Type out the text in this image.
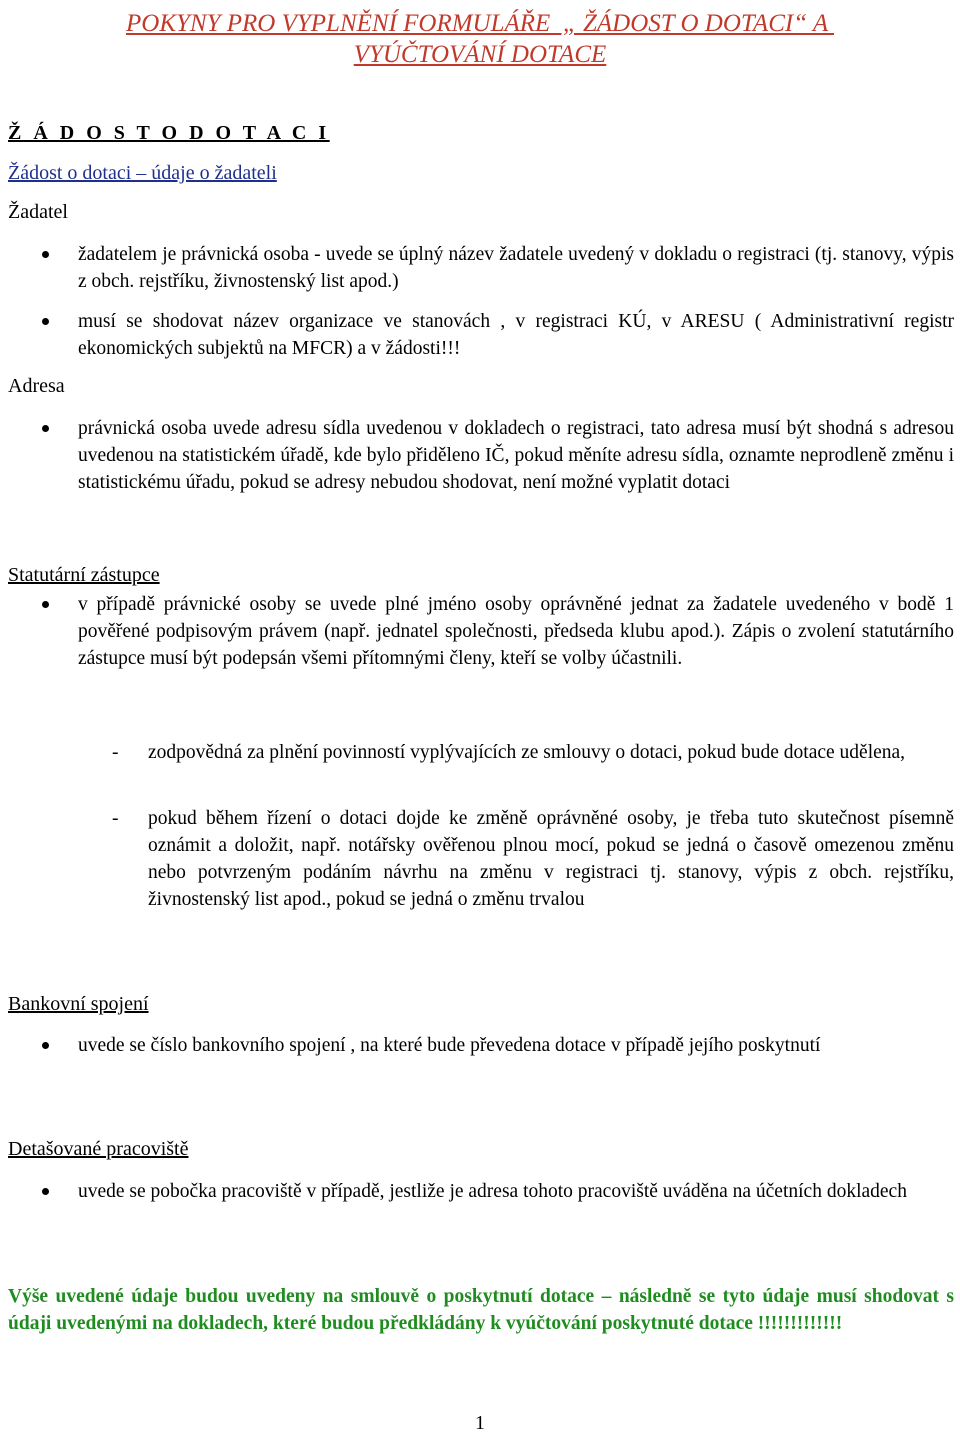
POKYNY PRO VYPLNĚNÍ FORMULÁŘE  „ ŽÁDOST O DOTACI“ A
VYÚČTOVÁNÍ DOTACE
Ž Á D O S T O D O T A C I
Žádost o dotaci – údaje o žadateli
Žadatel
žadatelem je právnická osoba - uvede se úplný název žadatele uvedený v dokladu o registraci (tj. stanovy, výpis z obch. rejstříku, živnostenský list apod.)
musí se shodovat název organizace ve stanovách , v registraci KÚ, v ARESU ( Administrativní registr ekonomických subjektů na MFCR) a v žádosti!!!
Adresa
právnická osoba uvede adresu sídla uvedenou v dokladech o registraci, tato adresa musí být shodná s adresou uvedenou na statistickém úřadě, kde bylo přiděleno IČ, pokud měníte adresu sídla, oznamte neprodleně změnu i statistickému úřadu, pokud se adresy nebudou shodovat, není možné vyplatit dotaci
Statutární zástupce
v případě právnické osoby se uvede plné jméno osoby oprávněné jednat za žadatele uvedeného v bodě 1 pověřené podpisovým právem (např. jednatel společnosti, předseda klubu apod.). Zápis o zvolení statutárního zástupce musí být podepsán všemi přítomnými členy, kteří se volby účastnili.
- zodpovědná za plnění povinností vyplývajících ze smlouvy o dotaci, pokud bude dotace udělena,
- pokud během řízení o dotaci dojde ke změně oprávněné osoby, je třeba tuto skutečnost písemně oznámit a doložit, např. notářsky ověřenou plnou mocí, pokud se jedná o časově omezenou změnu nebo potvrzeným podáním návrhu na změnu v registraci tj. stanovy, výpis z obch. rejstříku, živnostenský list apod., pokud se jedná o změnu trvalou
Bankovní spojení
uvede se číslo bankovního spojení , na které bude převedena dotace v případě jejího poskytnutí
Detašované pracoviště
uvede se pobočka pracoviště v případě, jestliže je adresa tohoto pracoviště uváděna na účetních dokladech
Výše uvedené údaje budou uvedeny na smlouvě o poskytnutí dotace – následně se tyto údaje musí shodovat s údaji uvedenými na dokladech, které budou předkládány k vyúčtování poskytnuté dotace !!!!!!!!!!!!!
1
